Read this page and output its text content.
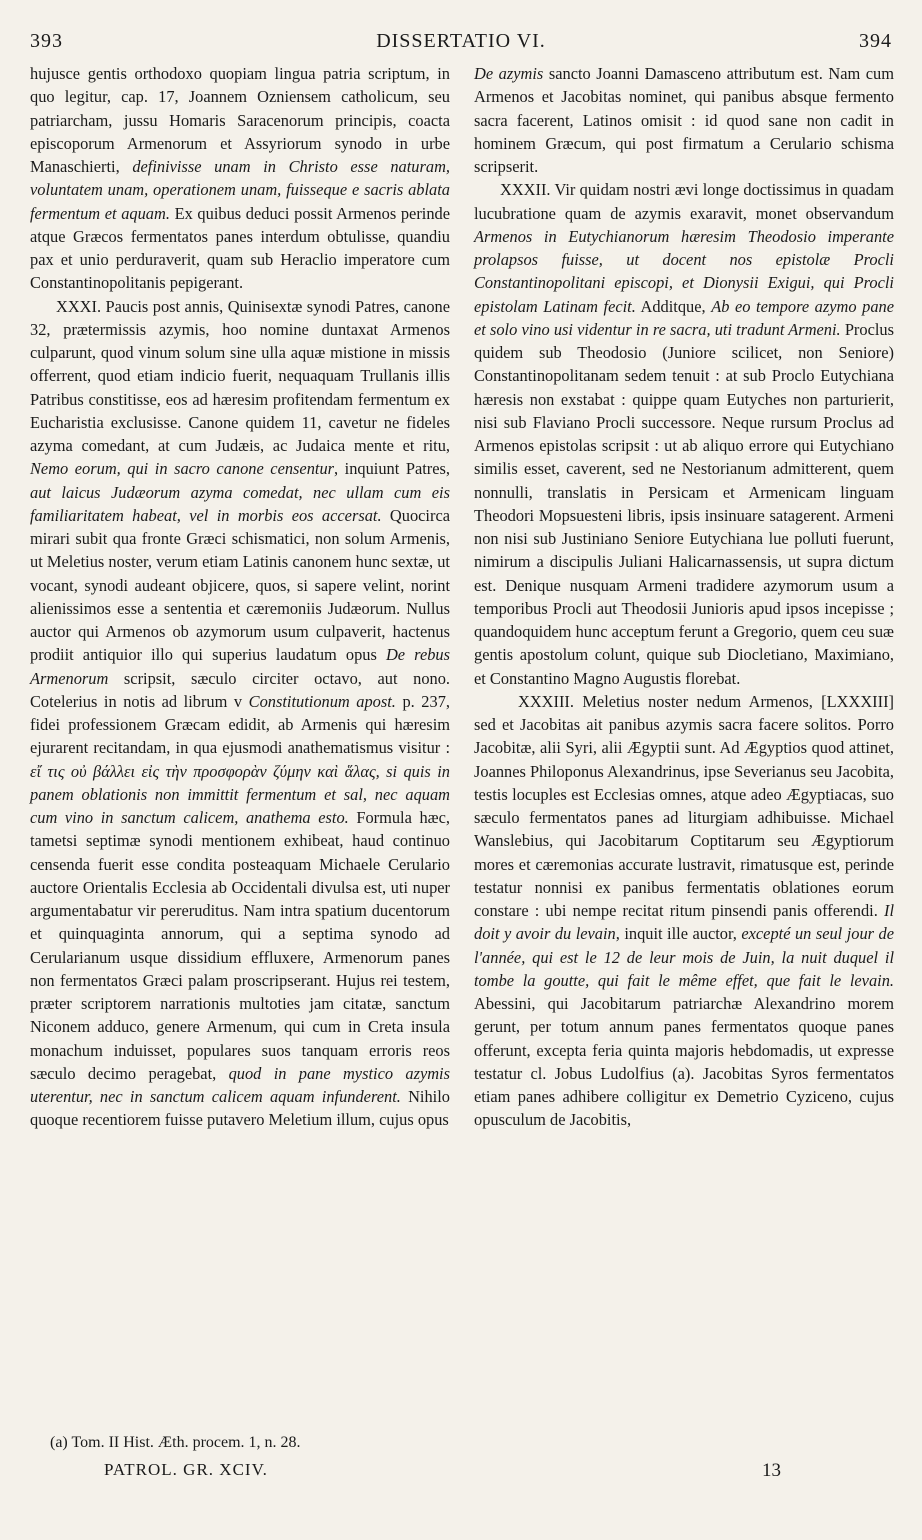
393	DISSERTATIO VI.	394

hujusce gentis orthodoxo quopiam lingua patria scriptum, in quo legitur, cap. 17, Joannem Ozniensem catholicum, seu patriarcham, jussu Homaris Saracenorum principis, coacta episcoporum Armenorum et Assyriorum synodo in urbe Manaschierti, definivisse unam in Christo esse naturam, voluntatem unam, operationem unam, fuisseque e sacris ablata fermentum et aquam. Ex quibus deduci possit Armenos perinde atque Græcos fermentatos panes interdum obtulisse, quandiu pax et unio perduraverit, quam sub Heraclio imperatore cum Constantinopolitanis pepigerant.

XXXI. Paucis post annis, Quinisextæ synodi Patres, canone 32, prætermissis azymis, hoo nomine duntaxat Armenos culparunt, quod vinum solum sine ulla aquæ mistione in missis offerrent, quod etiam indicio fuerit, nequaquam Trullanis illis Patribus constitisse, eos ad hæresim profitendam fermentum ex Eucharistia exclusisse. Canone quidem 11, cavetur ne fideles azyma comedant, at cum Judæis, ac Judaica mente et ritu, Nemo eorum, qui in sacro canone censentur, inquiunt Patres, aut laicus Judæorum azyma comedat, nec ullam cum eis familiaritatem habeat, vel in morbis eos accersat. Quocirca mirari subit qua fronte Græci schismatici, non solum Armenis, ut Meletius noster, verum etiam Latinis canonem hunc sextæ, ut vocant, synodi audeant objicere, quos, si sapere velint, norint alienissimos esse a sententia et cæremoniis Judæorum. Nullus auctor qui Armenos ob azymorum usum culpaverit, hactenus prodiit antiquior illo qui superius laudatum opus De rebus Armenorum scripsit, sæculo circiter octavo, aut nono. Cotelerius in notis ad librum v Constitutionum apost. p. 237, fidei professionem Græcam edidit, ab Armenis qui hæresim ejurarent recitandam, in qua ejusmodi anathematismus visitur : εἴ τις οὐ βάλλει εἰς τὴν προσφορὰν ζύμην καὶ ἅλας, si quis in panem oblationis non immittit fermentum et sal, nec aquam cum vino in sanctum calicem, anathema esto. Formula hæc, tametsi septimæ synodi mentionem exhibeat, haud continuo censenda fuerit esse condita posteaquam Michaele Cerulario auctore Orientalis Ecclesia ab Occidentali divulsa est, uti nuper argumentabatur vir pereruditus. Nam intra spatium ducentorum et quinquaginta annorum, qui a septima synodo ad Cerularianum usque dissidium effluxere, Armenorum panes non fermentatos Græci palam proscripserant. Hujus rei testem, præter scriptorem narrationis multoties jam citatæ, sanctum Niconem adduco, genere Armenum, qui cum in Creta insula monachum induisset, populares suos tanquam erroris reos sæculo decimo peragebat, quod in pane mystico azymis uterentur, nec in sanctum calicem aquam infunderent. Nihilo quoque recentiorem fuisse putavero Meletium illum, cujus opus

De azymis sancto Joanni Damasceno attributum est. Nam cum Armenos et Jacobitas nominet, qui panibus absque fermento sacra facerent, Latinos omisit : id quod sane non cadit in hominem Græcum, qui post firmatum a Cerulario schisma scripserit.

XXXII. Vir quidam nostri ævi longe doctissimus in quadam lucubratione quam de azymis exaravit, monet observandum Armenos in Eutychianorum hæresim Theodosio imperante prolapsos fuisse, ut docent nos epistolæ Procli Constantinopolitani episcopi, et Dionysii Exigui, qui Procli epistolam Latinam fecit. Additque, Ab eo tempore azymo pane et solo vino usi videntur in re sacra, uti tradunt Armeni. Proclus quidem sub Theodosio (Juniore scilicet, non Seniore) Constantinopolitanam sedem tenuit : at sub Proclo Eutychiana hæresis non exstabat : quippe quam Eutyches non parturierit, nisi sub Flaviano Procli successore. Neque rursum Proclus ad Armenos epistolas scripsit : ut ab aliquo errore qui Eutychiano similis esset, caverent, sed ne Nestorianum admitterent, quem nonnulli, translatis in Persicam et Armenicam linguam Theodori Mopsuesteni libris, ipsis insinuare satagerent. Armeni non nisi sub Justiniano Seniore Eutychiana lue polluti fuerunt, nimirum a discipulis Juliani Halicarnassensis, ut supra dictum est. Denique nusquam Armeni tradidere azymorum usum a temporibus Procli aut Theodosii Junioris apud ipsos incepisse ; quandoquidem hunc acceptum ferunt a Gregorio, quem ceu suæ gentis apostolum colunt, quique sub Diocletiano, Maximiano, et Constantino Magno Augustis florebat.

XXXIII. Meletius noster nedum Armenos, [LXXXIII] sed et Jacobitas ait panibus azymis sacra facere solitos. Porro Jacobitæ, alii Syri, alii Ægyptii sunt. Ad Ægyptios quod attinet, Joannes Philoponus Alexandrinus, ipse Severianus seu Jacobita, testis locuples est Ecclesias omnes, atque adeo Ægyptiacas, suo sæculo fermentatos panes ad liturgiam adhibuisse. Michael Wanslebius, qui Jacobitarum Coptitarum seu Ægyptiorum mores et cæremonias accurate lustravit, rimatusque est, perinde testatur nonnisi ex panibus fermentatis oblationes eorum constare : ubi nempe recitat ritum pinsendi panis offerendi. Il doit y avoir du levain, inquit ille auctor, excepté un seul jour de l'année, qui est le 12 de leur mois de Juin, la nuit duquel il tombe la goutte, qui fait le même effet, que fait le levain. Abessini, qui Jacobitarum patriarchæ Alexandrino morem gerunt, per totum annum panes fermentatos quoque panes offerunt, excepta feria quinta majoris hebdomadis, ut expresse testatur cl. Jobus Ludolfius (a). Jacobitas Syros fermentatos etiam panes adhibere colligitur ex Demetrio Cyziceno, cujus opusculum de Jacobitis,

(a) Tom. II Hist. Æth. procem. 1, n. 28.
PATROL. GR. XCIV.	13
